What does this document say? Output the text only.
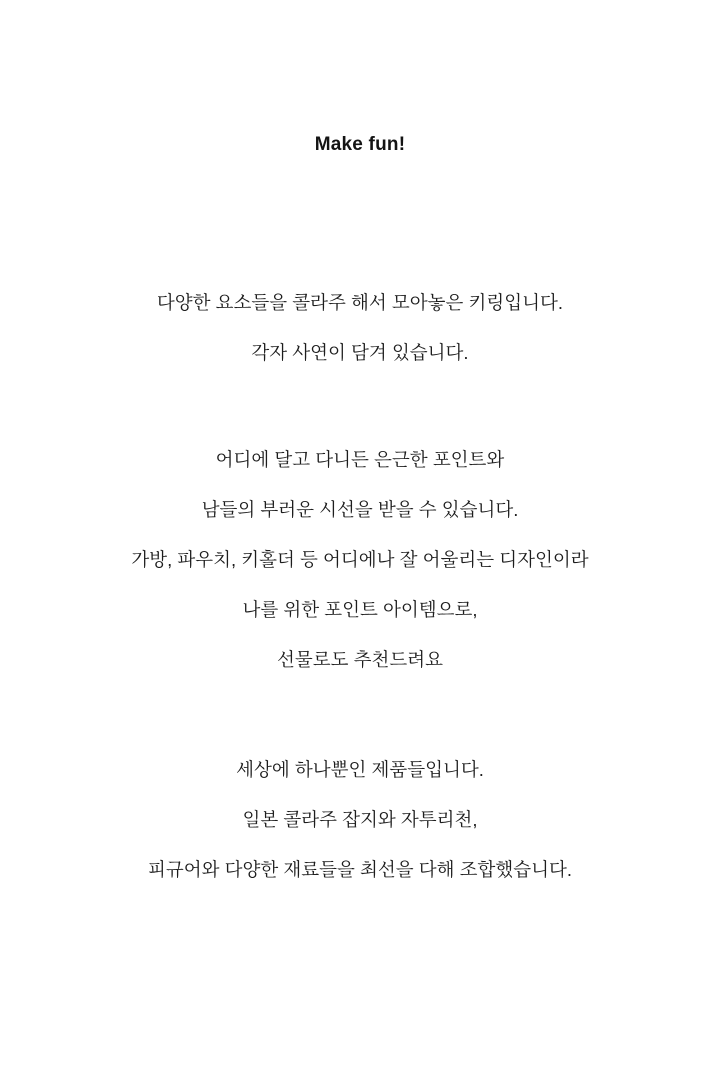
Make fun!
다양한 요소들을 콜라주 해서 모아놓은 키링입니다.
각자 사연이 담겨 있습니다.
어디에 달고 다니든 은근한 포인트와
남들의 부러운 시선을 받을 수 있습니다.
가방, 파우치, 키홀더 등 어디에나 잘 어울리는 디자인이라
나를 위한 포인트 아이템으로,
선물로도 추천드려요
세상에 하나뿐인 제품들입니다.
일본 콜라주 잡지와 자투리천,
피규어와 다양한 재료들을 최선을 다해 조합했습니다.
